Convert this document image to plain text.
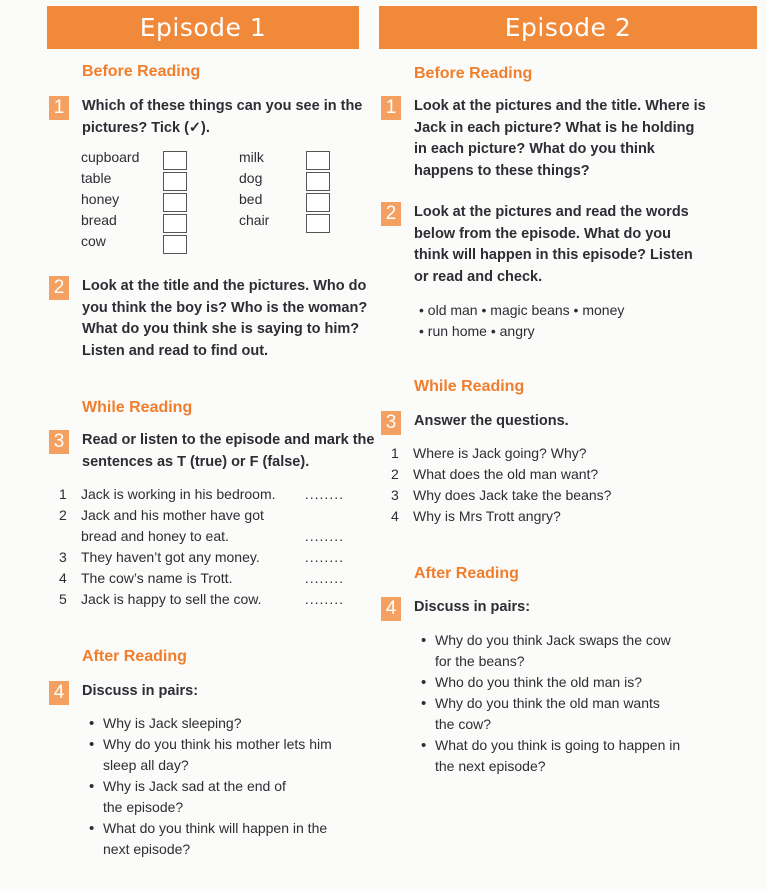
Episode 1
Before Reading
1	Which of these things can you see in the pictures? Tick (✓).
cupboard	milk
table	dog
honey	bed
bread	chair
cow
2	Look at the title and the pictures. Who do you think the boy is? Who is the woman? What do you think she is saying to him? Listen and read to find out.
While Reading
3	Read or listen to the episode and mark the sentences as T (true) or F (false).
1	Jack is working in his bedroom.	........
2	Jack and his mother have got bread and honey to eat.	........
3	They haven’t got any money.	........
4	The cow’s name is Trott.	........
5	Jack is happy to sell the cow.	........
After Reading
4	Discuss in pairs:
• Why is Jack sleeping?
• Why do you think his mother lets him sleep all day?
• Why is Jack sad at the end of the episode?
• What do you think will happen in the next episode?
Episode 2
Before Reading
1	Look at the pictures and the title. Where is Jack in each picture? What is he holding in each picture? What do you think happens to these things?
2	Look at the pictures and read the words below from the episode. What do you think will happen in this episode? Listen or read and check.
• old man • magic beans • money
• run home • angry
While Reading
3	Answer the questions.
1	Where is Jack going? Why?
2	What does the old man want?
3	Why does Jack take the beans?
4	Why is Mrs Trott angry?
After Reading
4	Discuss in pairs:
• Why do you think Jack swaps the cow for the beans?
• Who do you think the old man is?
• Why do you think the old man wants the cow?
• What do you think is going to happen in the next episode?
